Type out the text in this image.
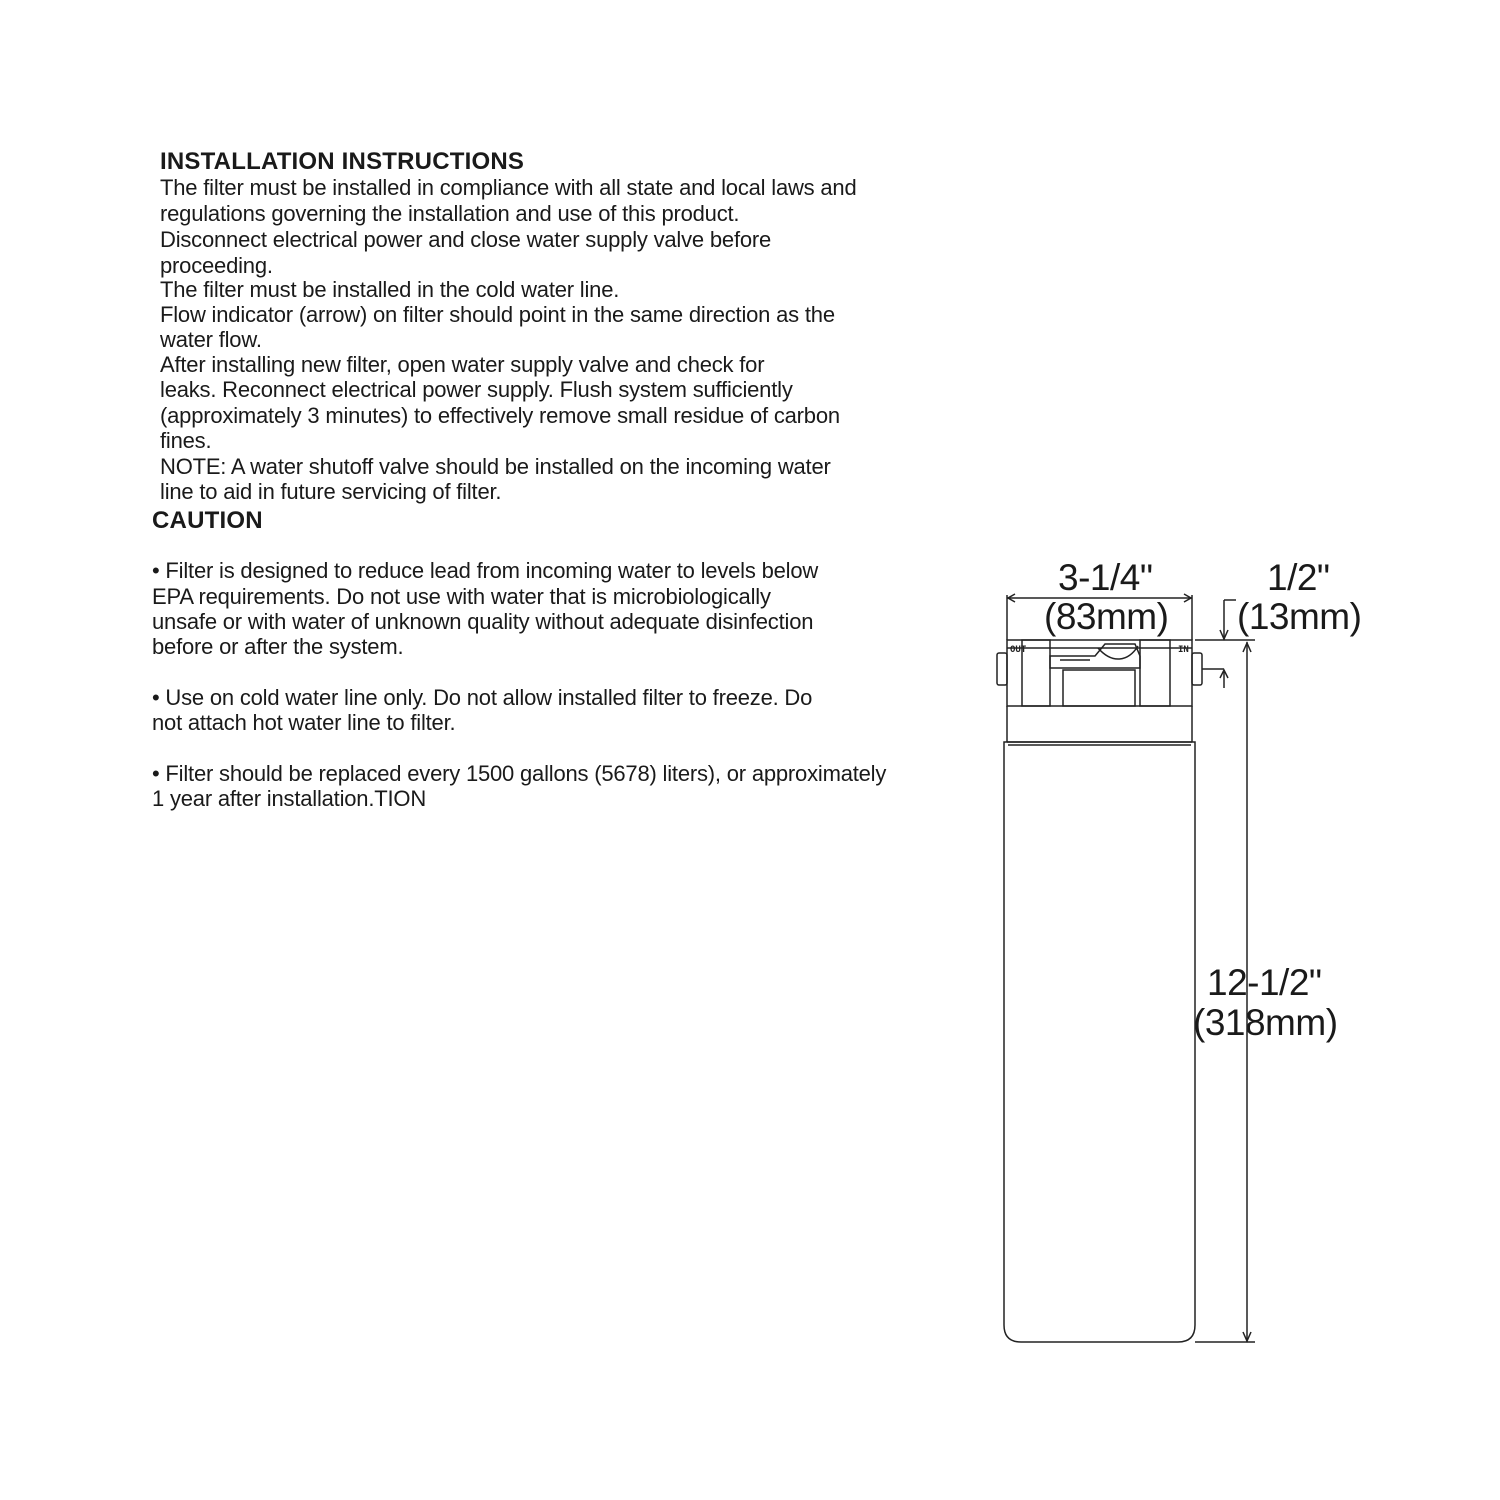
INSTALLATION INSTRUCTIONS
The filter must be installed in compliance with all state and local laws and
regulations governing the installation and use of this product.
Disconnect electrical power and close water supply valve before
proceeding.
The filter must be installed in the cold water line.
Flow indicator (arrow) on filter should point in the same direction as the
water flow.
After installing new filter, open water supply valve and check for
leaks. Reconnect electrical power supply. Flush system sufficiently
(approximately 3 minutes) to effectively remove small residue of carbon
fines.
NOTE: A water shutoff valve should be installed on the incoming water
line to aid in future servicing of filter.
CAUTION
• Filter is designed to reduce lead from incoming water to levels below
EPA requirements. Do not use with water that is microbiologically
unsafe or with water of unknown quality without adequate disinfection
before or after the system.
• Use on cold water line only. Do not allow installed filter to freeze. Do
not attach hot water line to filter.
• Filter should be replaced every 1500 gallons (5678) liters), or approximately
1 year after installation.TION
3-1/4"
(83mm)
1/2"
(13mm)
12-1/2"
(318mm)
OUT	IN
